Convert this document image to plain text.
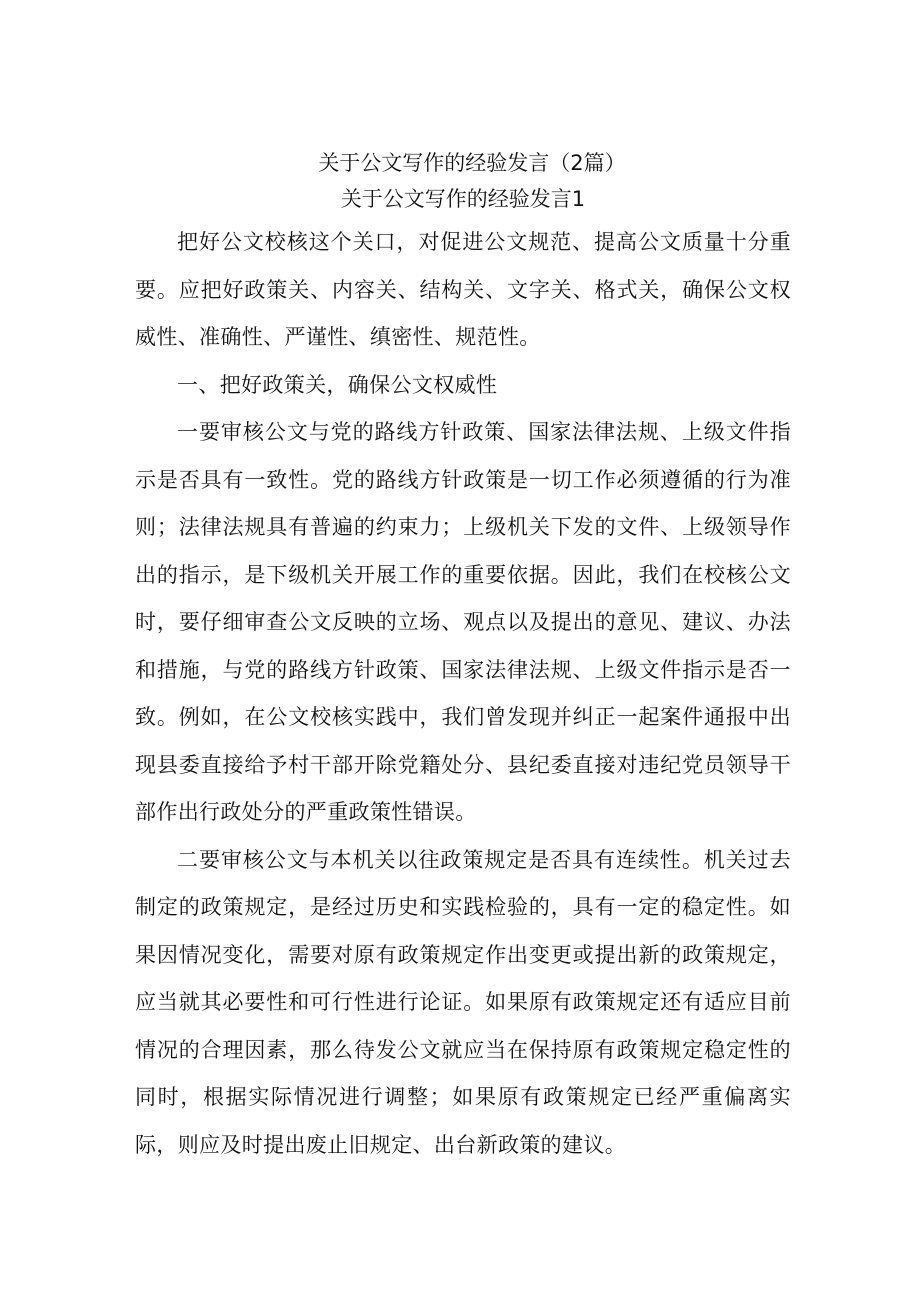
关于公文写作的经验发言（2篇）
关于公文写作的经验发言1

把好公文校核这个关口，对促进公文规范、提高公文质量十分重要。应把好政策关、内容关、结构关、文字关、格式关，确保公文权威性、准确性、严谨性、缜密性、规范性。

一、把好政策关，确保公文权威性

一要审核公文与党的路线方针政策、国家法律法规、上级文件指示是否具有一致性。党的路线方针政策是一切工作必须遵循的行为准则；法律法规具有普遍的约束力；上级机关下发的文件、上级领导作出的指示，是下级机关开展工作的重要依据。因此，我们在校核公文时，要仔细审查公文反映的立场、观点以及提出的意见、建议、办法和措施，与党的路线方针政策、国家法律法规、上级文件指示是否一致。例如，在公文校核实践中，我们曾发现并纠正一起案件通报中出现县委直接给予村干部开除党籍处分、县纪委直接对违纪党员领导干部作出行政处分的严重政策性错误。

二要审核公文与本机关以往政策规定是否具有连续性。机关过去制定的政策规定，是经过历史和实践检验的，具有一定的稳定性。如果因情况变化，需要对原有政策规定作出变更或提出新的政策规定，应当就其必要性和可行性进行论证。如果原有政策规定还有适应目前情况的合理因素，那么待发公文就应当在保持原有政策规定稳定性的同时，根据实际情况进行调整；如果原有政策规定已经严重偏离实际，则应及时提出废止旧规定、出台新政策的建议。
